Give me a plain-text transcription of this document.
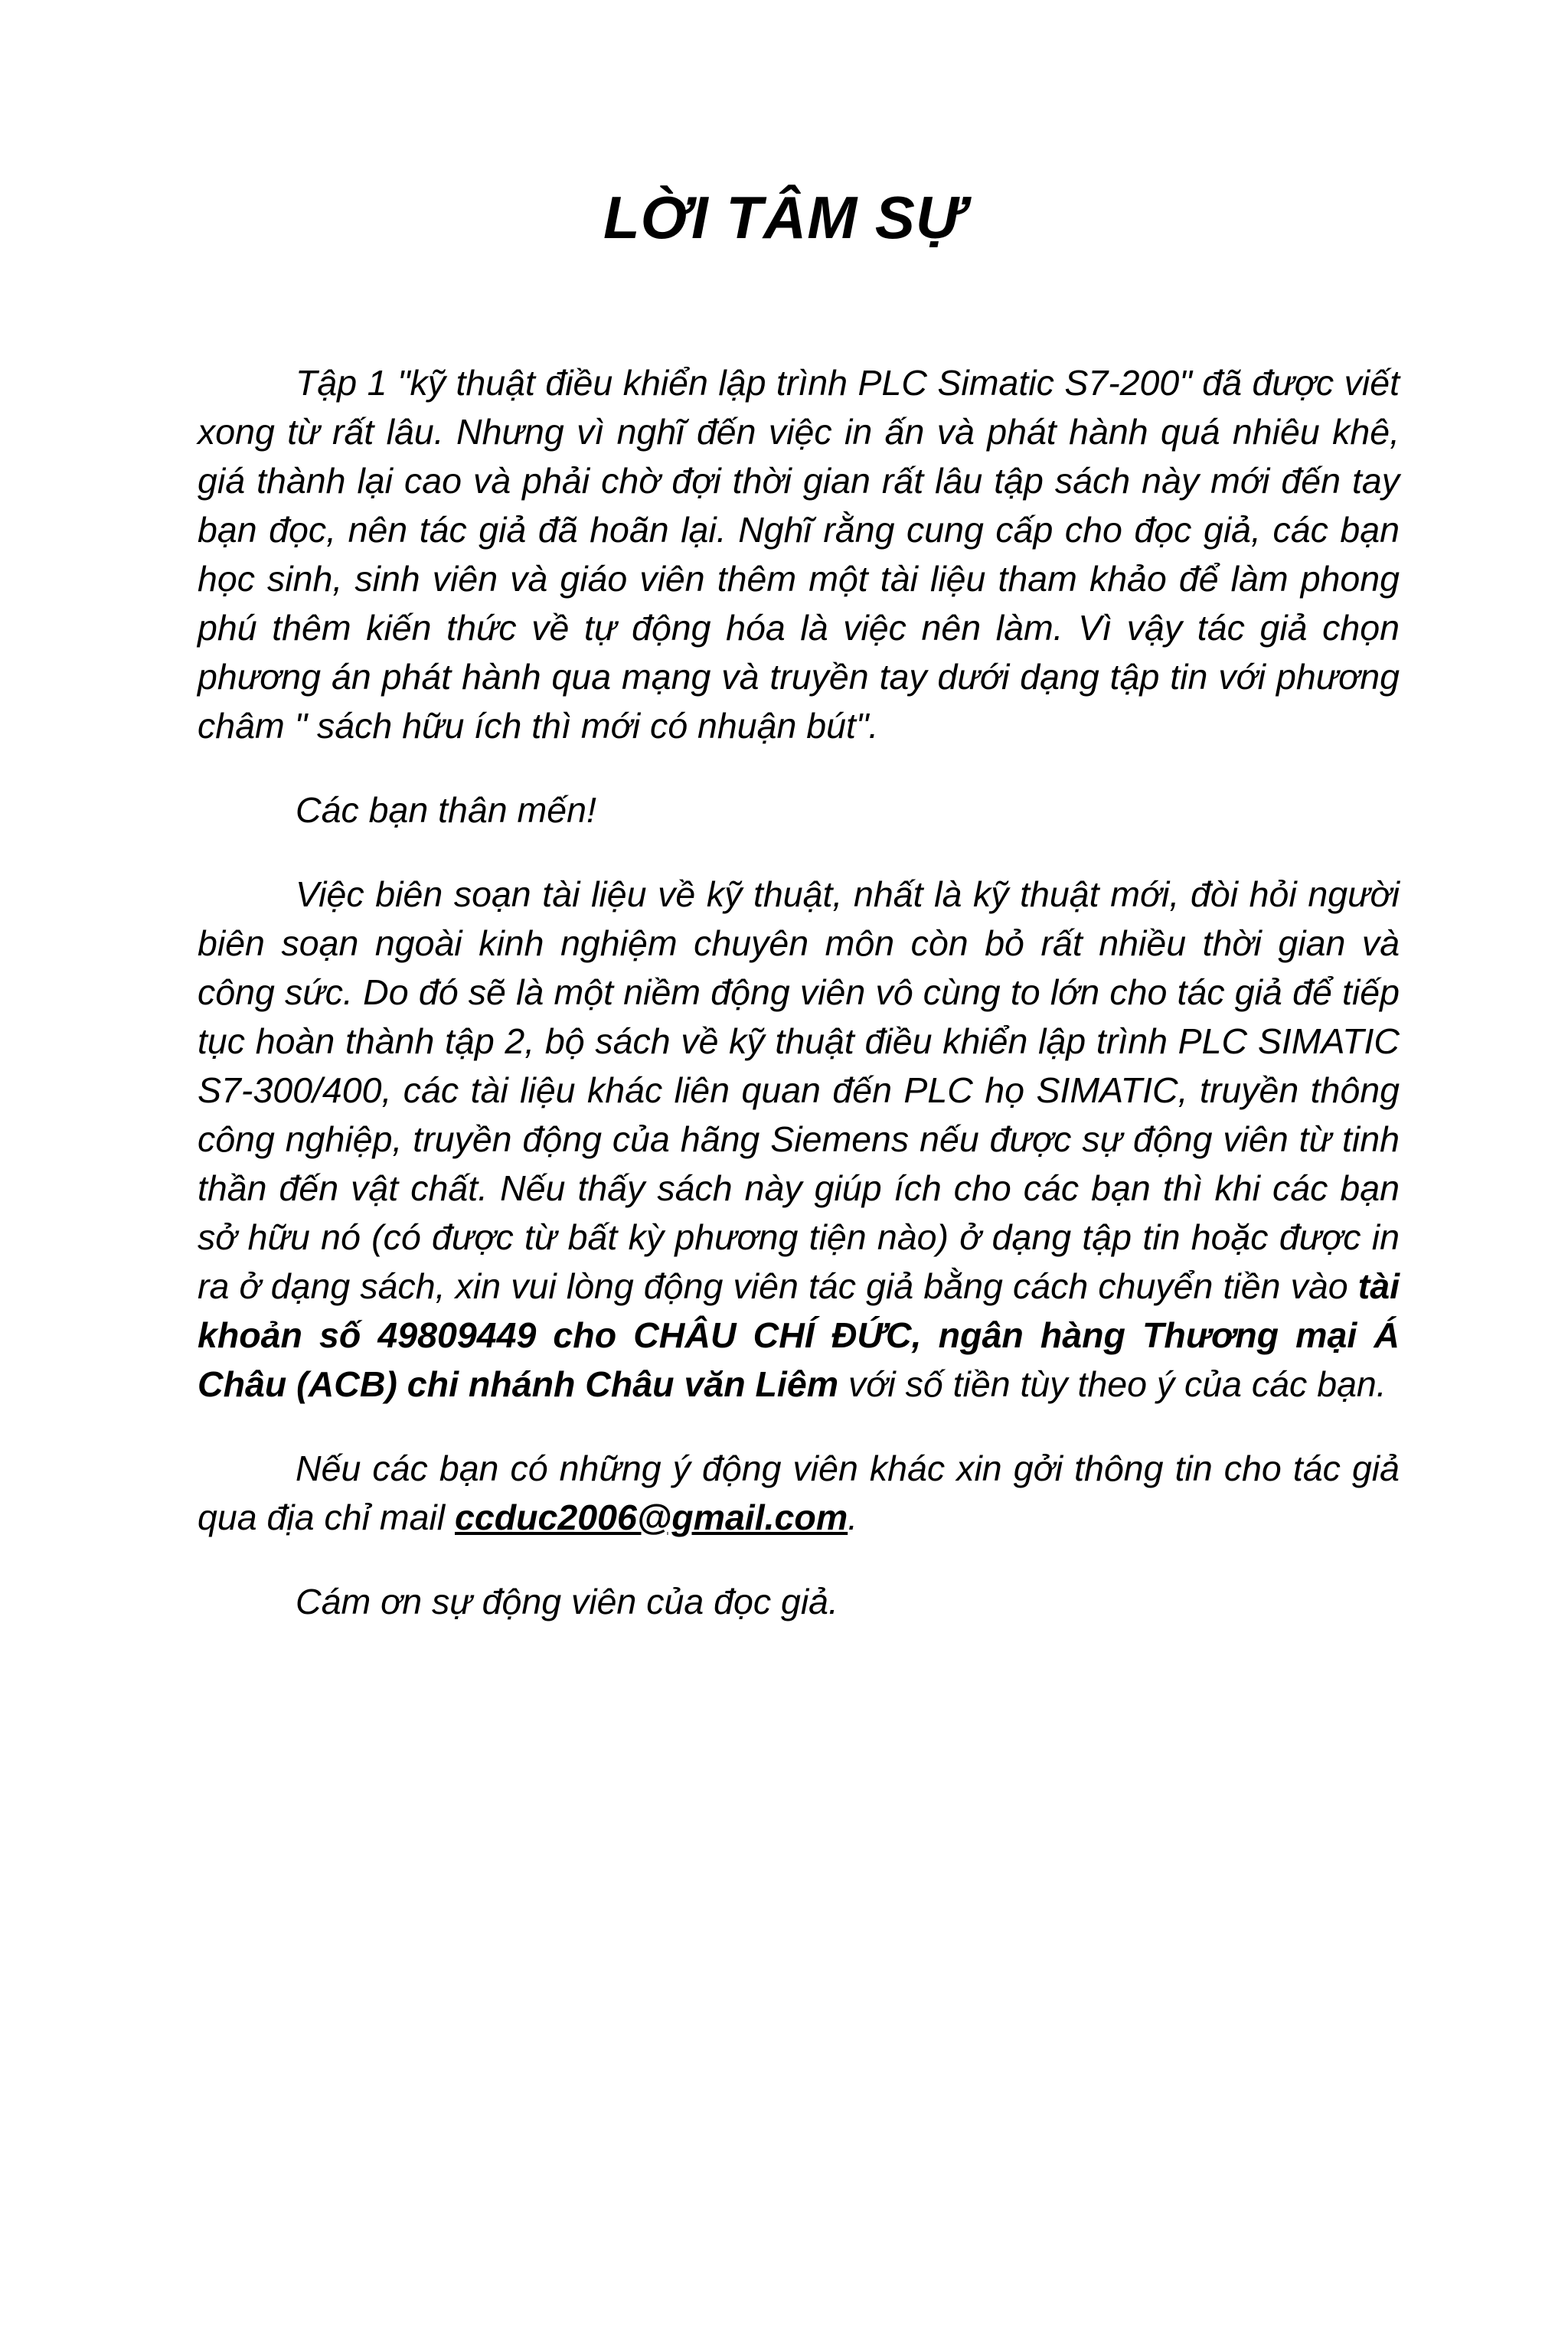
LỜI TÂM SỰ

Tập 1 "kỹ thuật điều khiển lập trình PLC Simatic S7-200" đã được viết xong từ rất lâu. Nhưng vì nghĩ đến việc in ấn và phát hành quá nhiêu khê, giá thành lại cao và phải chờ đợi thời gian rất lâu tập sách này mới đến tay bạn đọc, nên tác giả đã hoãn lại. Nghĩ rằng cung cấp cho đọc giả, các bạn học sinh, sinh viên và giáo viên thêm một tài liệu tham khảo để làm phong phú thêm kiến thức về tự động hóa là việc nên làm. Vì vậy tác giả chọn phương án phát hành qua mạng và truyền tay dưới dạng tập tin với phương châm " sách hữu ích thì mới có nhuận bút".

Các bạn thân mến!

Việc biên soạn tài liệu về kỹ thuật, nhất là kỹ thuật mới, đòi hỏi người biên soạn ngoài kinh nghiệm chuyên môn còn bỏ rất nhiều thời gian và công sức. Do đó sẽ là một niềm động viên vô cùng to lớn cho tác giả để tiếp tục hoàn thành tập 2, bộ sách về kỹ thuật điều khiển lập trình PLC SIMATIC S7-300/400, các tài liệu khác liên quan đến PLC họ SIMATIC, truyền thông công nghiệp, truyền động của hãng Siemens nếu được sự động viên từ tinh thần đến vật chất. Nếu thấy sách này giúp ích cho các bạn thì khi các bạn sở hữu nó (có được từ bất kỳ phương tiện nào) ở dạng tập tin hoặc được in ra ở dạng sách, xin vui lòng động viên tác giả bằng cách chuyển tiền vào tài khoản số 49809449 cho CHÂU CHÍ ĐỨC, ngân hàng Thương mại Á Châu (ACB) chi nhánh Châu văn Liêm với số tiền tùy theo ý của các bạn.

Nếu các bạn có những ý động viên khác xin gởi thông tin cho tác giả qua địa chỉ mail ccduc2006@gmail.com.

Cám ơn sự động viên của đọc giả.
